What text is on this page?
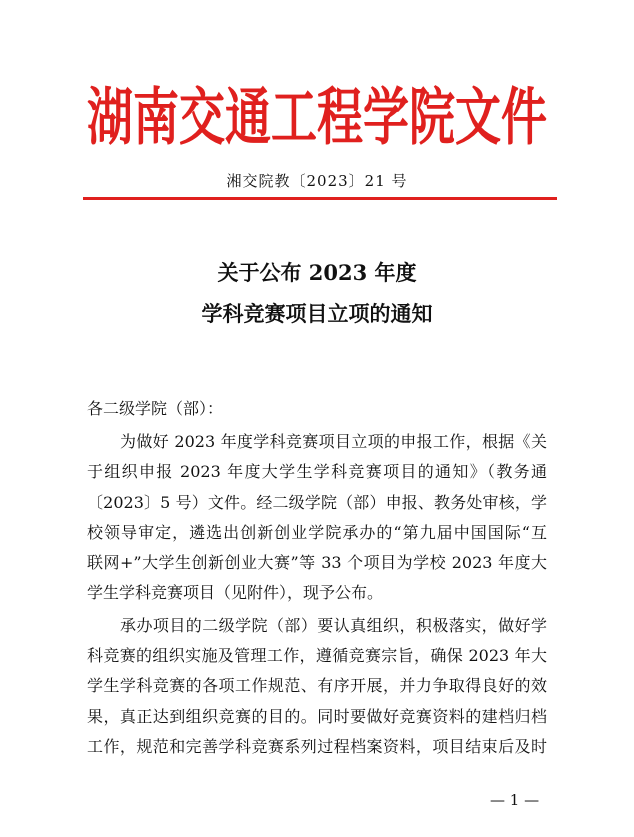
湖南交通工程学院文件
湘交院教〔2023〕21 号
关于公布 2023 年度
学科竞赛项目立项的通知
各二级学院（部）：
为做好 2023 年度学科竞赛项目立项的申报工作，根据《关
于组织申报 2023 年度大学生学科竞赛项目的通知》（教务通
〔2023〕5 号）文件。经二级学院（部）申报、教务处审核，学
校领导审定，遴选出创新创业学院承办的“第九届中国国际“互
联网+”大学生创新创业大赛”等 33 个项目为学校 2023 年度大
学生学科竞赛项目（见附件），现予公布。
承办项目的二级学院（部）要认真组织，积极落实，做好学
科竞赛的组织实施及管理工作，遵循竞赛宗旨，确保 2023 年大
学生学科竞赛的各项工作规范、有序开展，并力争取得良好的效
果，真正达到组织竞赛的目的。同时要做好竞赛资料的建档归档
工作，规范和完善学科竞赛系列过程档案资料，项目结束后及时
— 1 —
